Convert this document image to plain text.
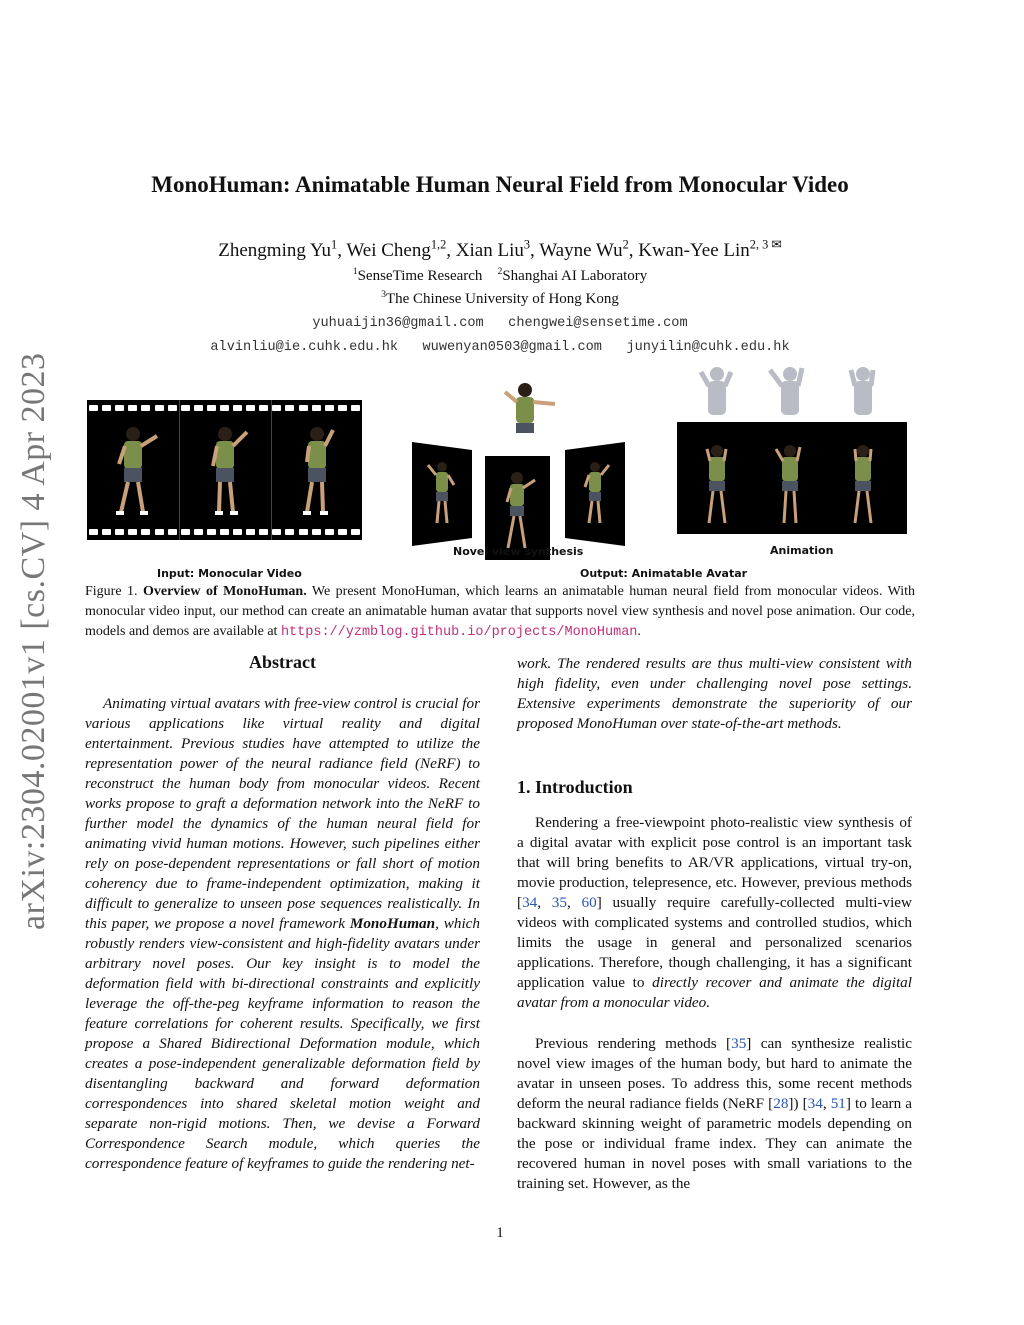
arXiv:2304.02001v1 [cs.CV] 4 Apr 2023
MonoHuman: Animatable Human Neural Field from Monocular Video
Zhengming Yu$^1$, Wei Cheng$^{1,2}$, Xian Liu$^3$, Wayne Wu$^2$, Kwan-Yee Lin$^{2, 3 ✉}$
$^1$SenseTime Research $^2$Shanghai AI Laboratory
$^3$The Chinese University of Hong Kong
yuhuaijin36@gmail.com chengwei@sensetime.com
alvinliu@ie.cuhk.edu.hk wuwenyan0503@gmail.com junyilin@cuhk.edu.hk
Novel view synthesis	Animation
Input: Monocular Video	Output: Animatable Avatar
Figure 1. Overview of MonoHuman. We present MonoHuman, which learns an animatable human neural field from monocular videos. With monocular video input, our method can create an animatable human avatar that supports novel view synthesis and novel pose animation. Our code, models and demos are available at https://yzmblog.github.io/projects/MonoHuman.
Abstract
Animating virtual avatars with free-view control is crucial for various applications like virtual reality and digital entertainment. Previous studies have attempted to utilize the representation power of the neural radiance field (NeRF) to reconstruct the human body from monocular videos. Recent works propose to graft a deformation network into the NeRF to further model the dynamics of the human neural field for animating vivid human motions. However, such pipelines either rely on pose-dependent representations or fall short of motion coherency due to frame-independent optimization, making it difficult to generalize to unseen pose sequences realistically. In this paper, we propose a novel framework MonoHuman, which robustly renders view-consistent and high-fidelity avatars under arbitrary novel poses. Our key insight is to model the deformation field with bi-directional constraints and explicitly leverage the off-the-peg keyframe information to reason the feature correlations for coherent results. Specifically, we first propose a Shared Bidirectional Deformation module, which creates a pose-independent generalizable deformation field by disentangling backward and forward deformation correspondences into shared skeletal motion weight and separate non-rigid motions. Then, we devise a Forward Correspondence Search module, which queries the correspondence feature of keyframes to guide the rendering net-
work. The rendered results are thus multi-view consistent with high fidelity, even under challenging novel pose settings. Extensive experiments demonstrate the superiority of our proposed MonoHuman over state-of-the-art methods.
1. Introduction
Rendering a free-viewpoint photo-realistic view synthesis of a digital avatar with explicit pose control is an important task that will bring benefits to AR/VR applications, virtual try-on, movie production, telepresence, etc. However, previous methods [34, 35, 60] usually require carefully-collected multi-view videos with complicated systems and controlled studios, which limits the usage in general and personalized scenarios applications. Therefore, though challenging, it has a significant application value to directly recover and animate the digital avatar from a monocular video.
Previous rendering methods [35] can synthesize realistic novel view images of the human body, but hard to animate the avatar in unseen poses. To address this, some recent methods deform the neural radiance fields (NeRF [28]) [34, 51] to learn a backward skinning weight of parametric models depending on the pose or individual frame index. They can animate the recovered human in novel poses with small variations to the training set. However, as the
1
